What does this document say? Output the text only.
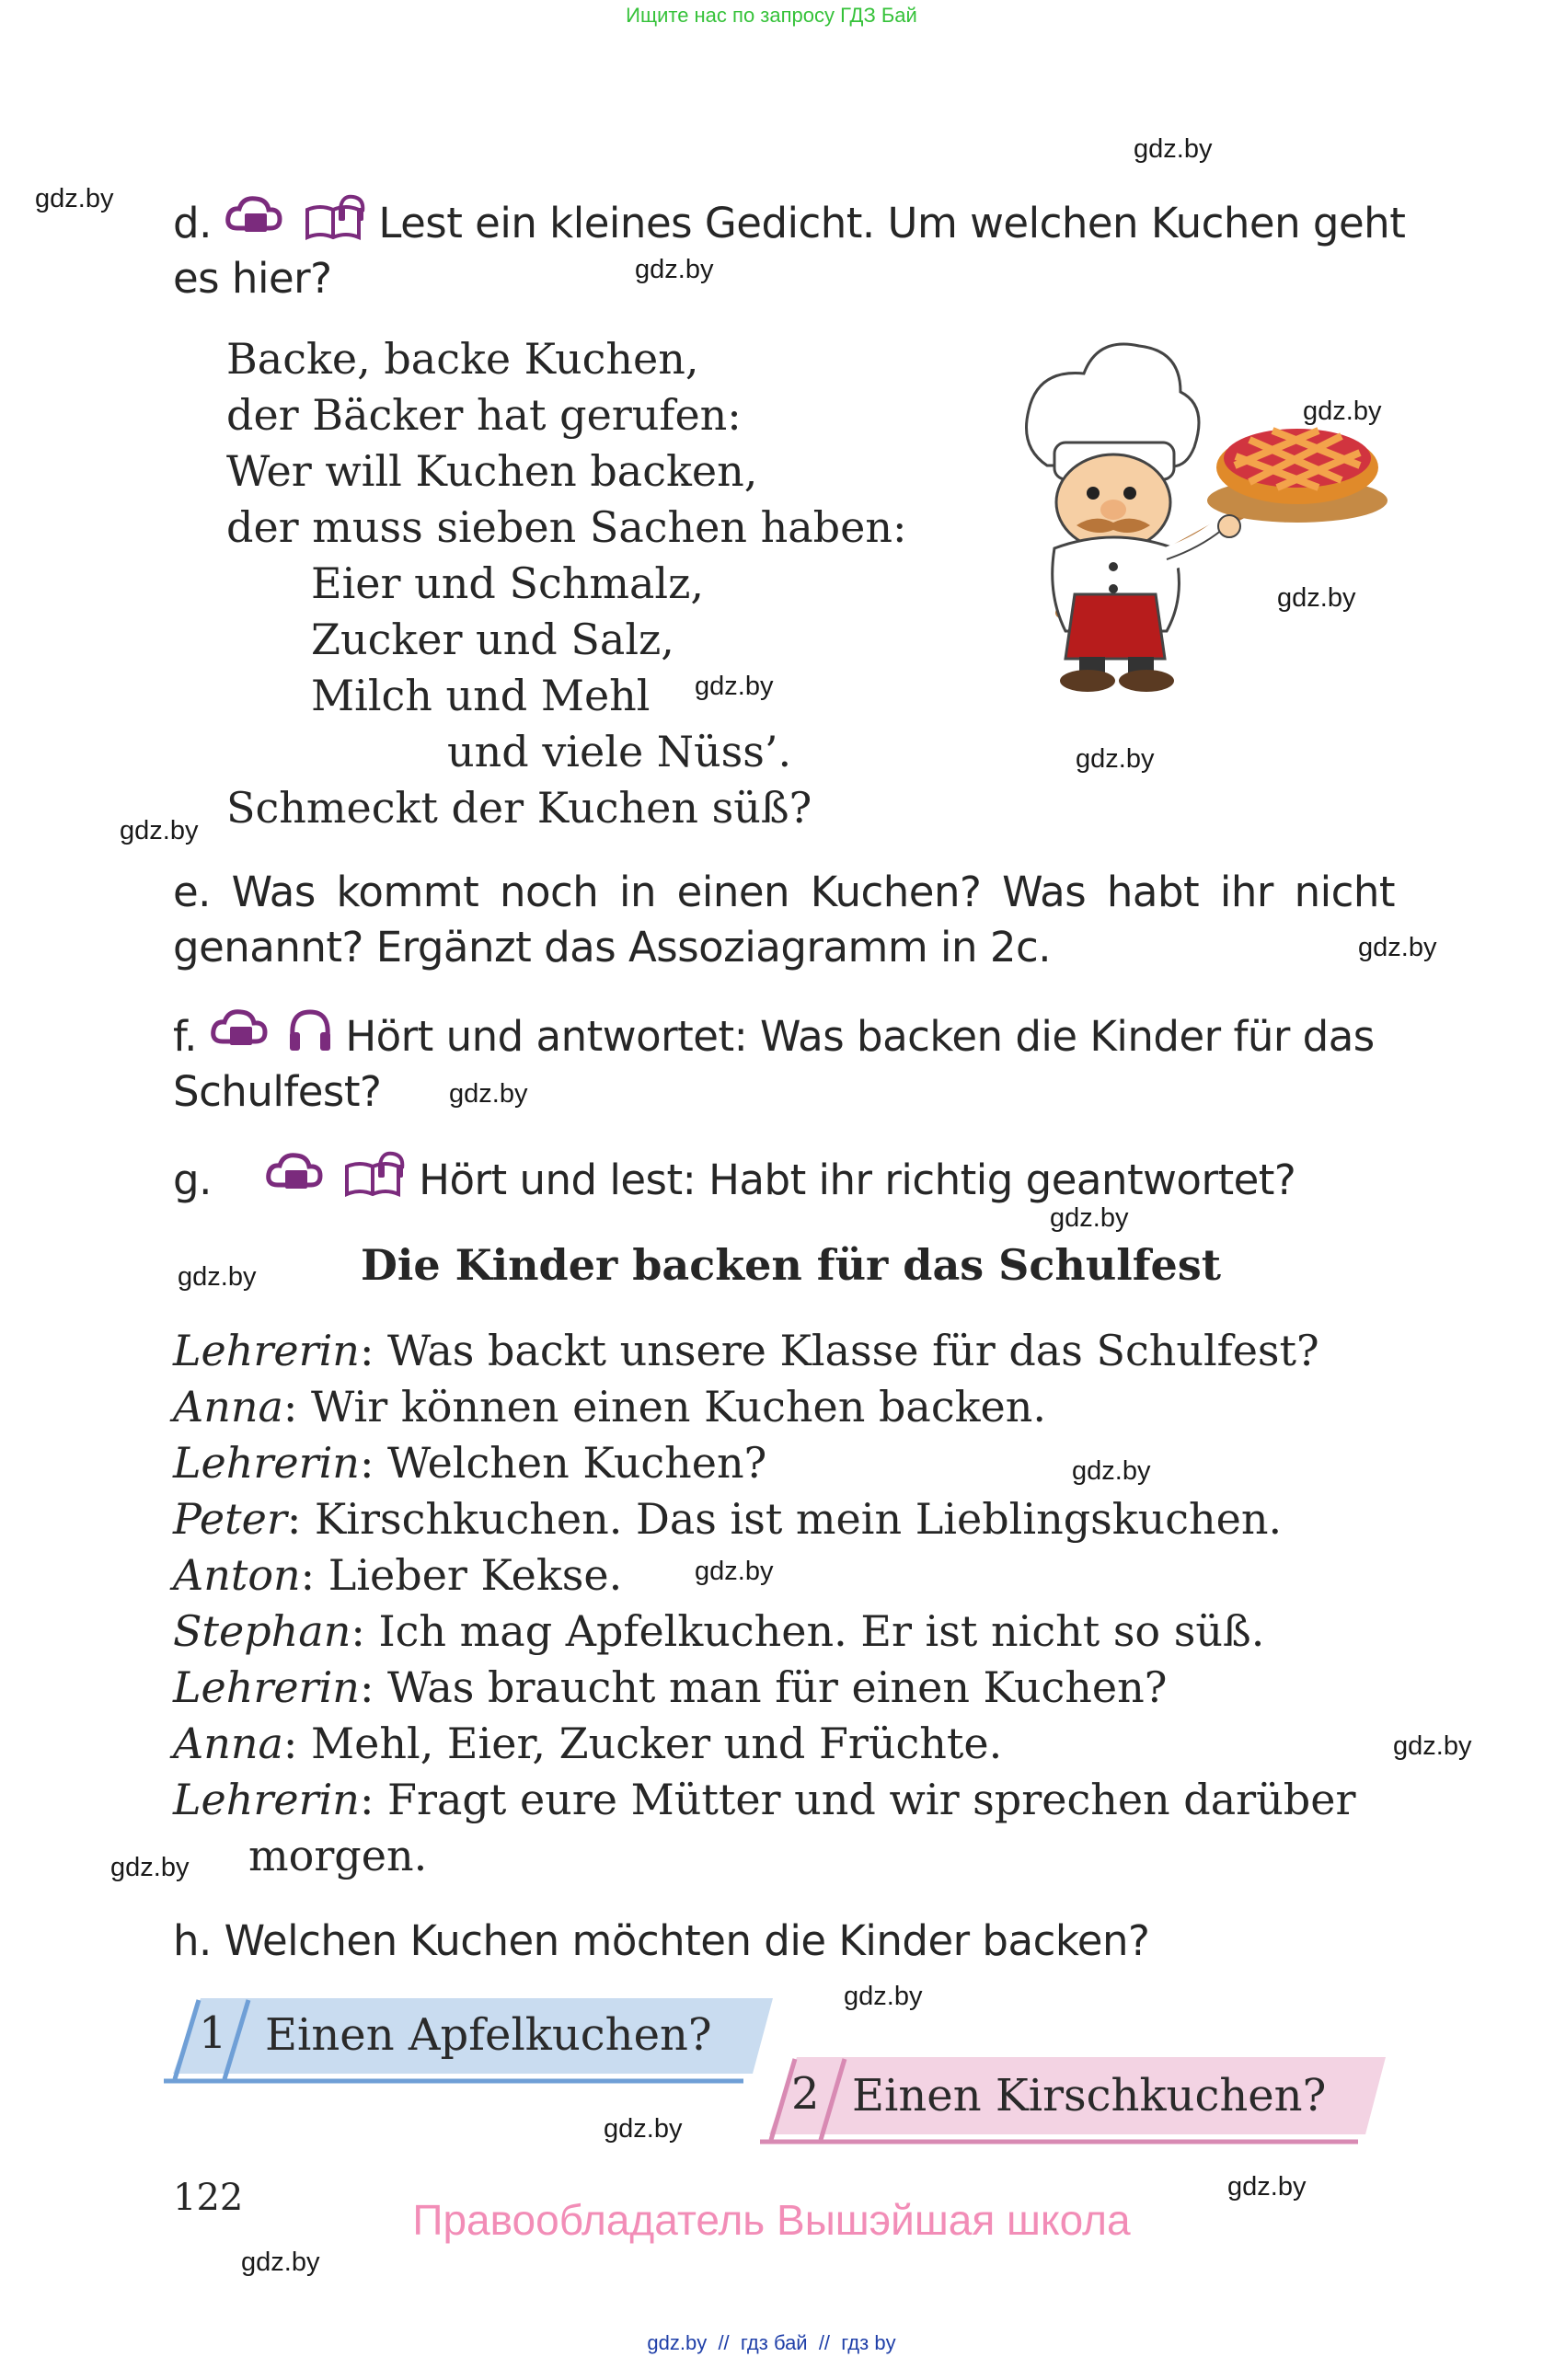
Ищите нас по запросу ГДЗ Бай
gdz.by
gdz.by
gdz.by
gdz.by
gdz.by
gdz.by
gdz.by
gdz.by
gdz.by
gdz.by
gdz.by
gdz.by
gdz.by
gdz.by
gdz.by
gdz.by
gdz.by
gdz.by
gdz.by
gdz.by
d.	Lest ein kleines Gedicht. Um welchen Kuchen geht
es hier?
Backe, backe Kuchen,
der Bäcker hat gerufen:
Wer will Kuchen backen,
der muss sieben Sachen haben:
Eier und Schmalz,
Zucker und Salz,
Milch und Mehl
und viele Nüss’.
Schmeckt der Kuchen süß?
e. Was kommt noch in einen Kuchen? Was habt ihr nicht
genannt? Ergänzt das Assoziagramm in 2c.
f.	Hört und antwortet: Was backen die Kinder für das
Schulfest?
g.	Hört und lest: Habt ihr richtig geantwortet?
Die Kinder backen für das Schulfest
Lehrerin: Was backt unsere Klasse für das Schulfest?
Anna: Wir können einen Kuchen backen.
Lehrerin: Welchen Kuchen?
Peter: Kirschkuchen. Das ist mein Lieblingskuchen.
Anton: Lieber Kekse.
Stephan: Ich mag Apfelkuchen. Er ist nicht so süß.
Lehrerin: Was braucht man für einen Kuchen?
Anna: Mehl, Eier, Zucker und Früchte.
Lehrerin: Fragt eure Mütter und wir sprechen darüber
morgen.
h. Welchen Kuchen möchten die Kinder backen?
1 Einen Apfelkuchen?
2 Einen Kirschkuchen?
122	Правообладатель Вышэйшая школа
gdz.by  //  гдз бай  //  гдз by
